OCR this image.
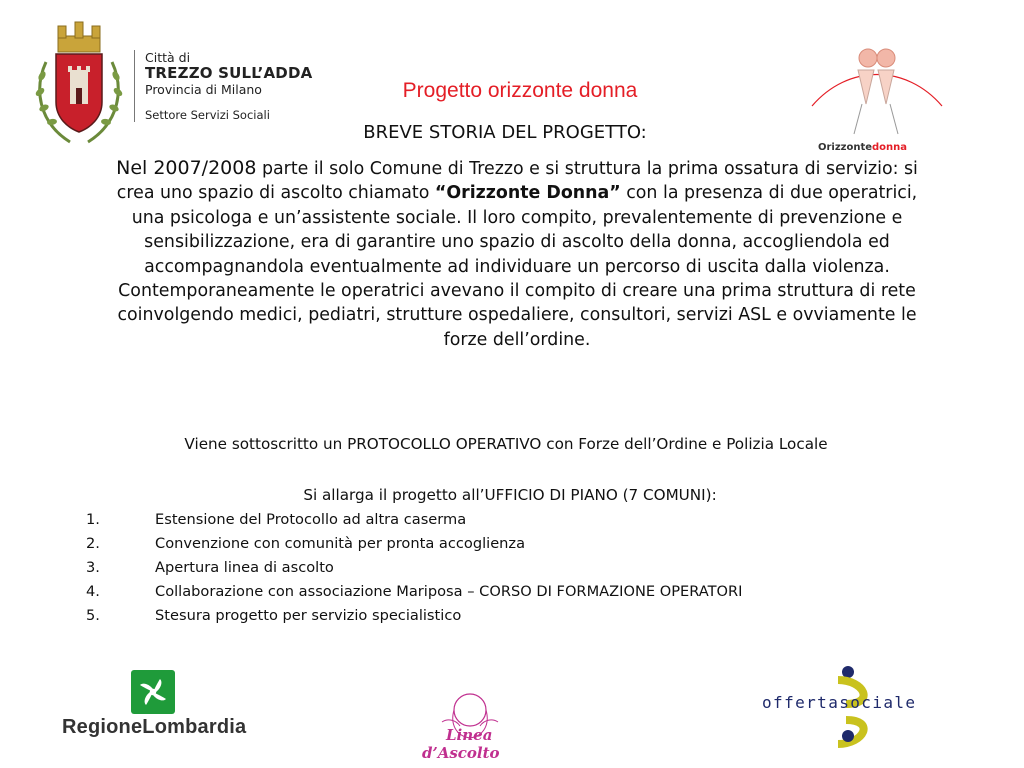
Città di
TREZZO SULL’ADDA
Provincia di Milano
Settore Servizi Sociali
Progetto orizzonte donna
Orizzonte donna
BREVE STORIA DEL PROGETTO:
Nel 2007/2008 parte il solo Comune di Trezzo e si struttura la prima ossatura di servizio: si crea uno spazio di ascolto chiamato “Orizzonte Donna” con la presenza di due operatrici, una psicologa e un’assistente sociale. Il loro compito, prevalentemente di prevenzione e sensibilizzazione, era di garantire uno spazio di ascolto della donna, accogliendola ed accompagnandola eventualmente ad individuare un percorso di uscita dalla violenza. Contemporaneamente le operatrici avevano il compito di creare una prima struttura di rete coinvolgendo medici, pediatri, strutture ospedaliere, consultori, servizi ASL e ovviamente le forze dell’ordine.
Viene sottoscritto un PROTOCOLLO OPERATIVO con Forze dell’Ordine e Polizia Locale
Si allarga il progetto all’UFFICIO DI PIANO (7 COMUNI):
1.	Estensione del Protocollo ad altra caserma
2.	Convenzione con comunità per pronta accoglienza
3.	Apertura linea di ascolto
4.	Collaborazione con associazione Mariposa – CORSO DI FORMAZIONE OPERATORI
5.	Stesura progetto per servizio specialistico
RegioneLombardia	Linea
d’Ascolto
offertasociale
